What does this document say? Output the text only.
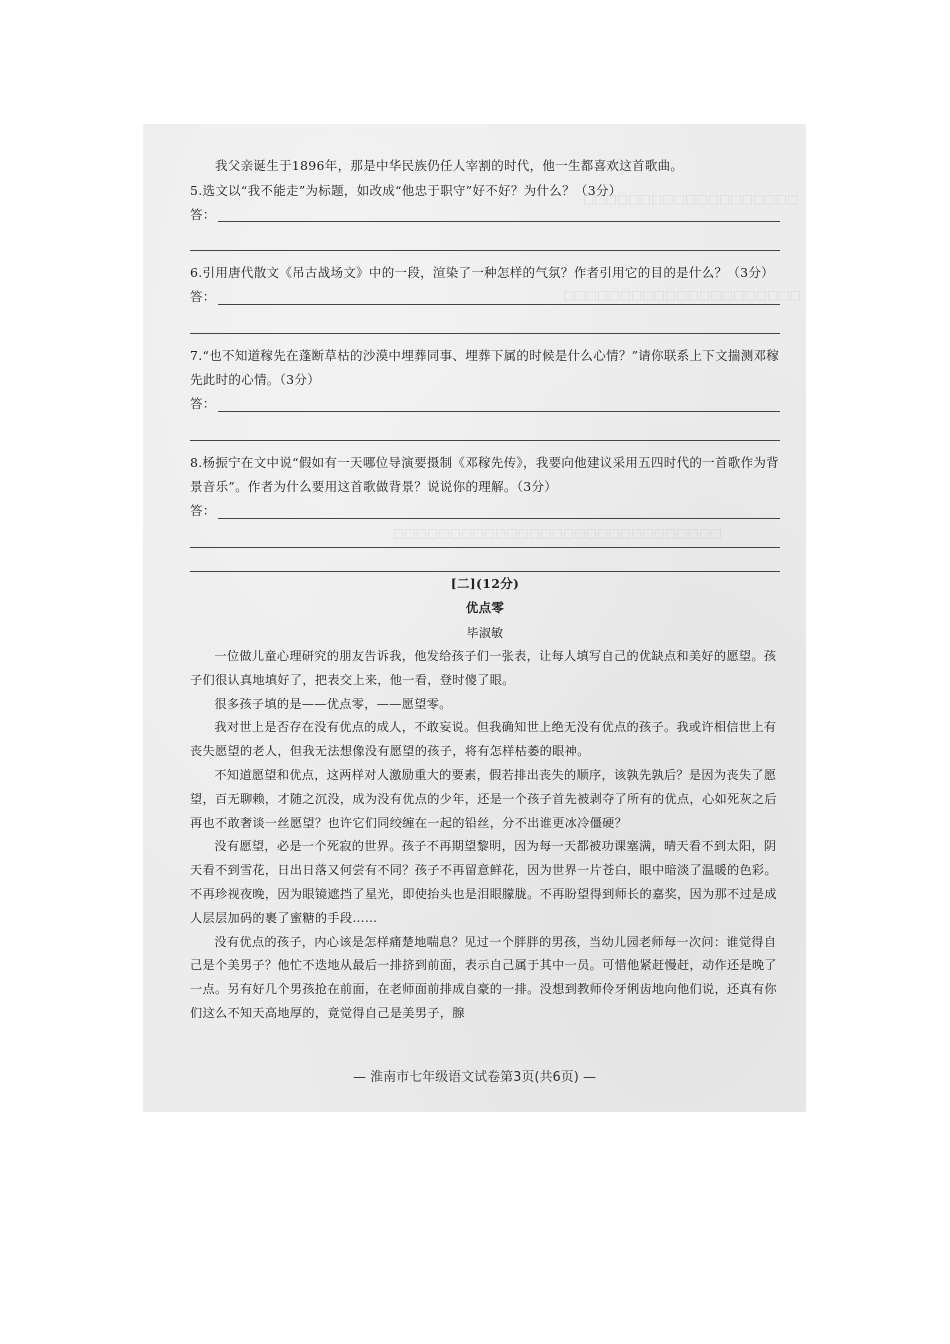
□□□□□□□□□□□□□□□□□□□
□□□□□□□□□□□□□□□□□□□□□
□□□□□□□□□□□□□□□□□□□□□□□□□□□□□

我父亲诞生于1896年，那是中华民族仍任人宰割的时代，他一生都喜欢这首歌曲。

5.选文以“我不能走”为标题，如改成“他忠于职守”好不好？为什么？（3分）

答：

6.引用唐代散文《吊古战场文》中的一段，渲染了一种怎样的气氛？作者引用它的目的是什么？（3分）

答：

7.“也不知道稼先在蓬断草枯的沙漠中埋葬同事、埋葬下属的时候是什么心情？”请你联系上下文揣测邓稼先此时的心情。（3分）

答：

8.杨振宁在文中说“假如有一天哪位导演要摄制《邓稼先传》，我要向他建议采用五四时代的一首歌作为背景音乐”。作者为什么要用这首歌做背景？说说你的理解。（3分）

答：

[二](12分)

优点零

毕淑敏

一位做儿童心理研究的朋友告诉我，他发给孩子们一张表，让每人填写自己的优缺点和美好的愿望。孩子们很认真地填好了，把表交上来，他一看，登时傻了眼。

很多孩子填的是——优点零，——愿望零。

我对世上是否存在没有优点的成人，不敢妄说。但我确知世上绝无没有优点的孩子。我或许相信世上有丧失愿望的老人，但我无法想像没有愿望的孩子，将有怎样枯萎的眼神。

不知道愿望和优点，这两样对人激励重大的要素，假若排出丧失的顺序，该孰先孰后？是因为丧失了愿望，百无聊赖，才随之沉没，成为没有优点的少年，还是一个孩子首先被剥夺了所有的优点，心如死灰之后再也不敢奢谈一丝愿望？也许它们同绞缠在一起的铅丝，分不出谁更冰冷僵硬？

没有愿望，必是一个死寂的世界。孩子不再期望黎明，因为每一天都被功课塞满，晴天看不到太阳，阴天看不到雪花，日出日落又何尝有不同？孩子不再留意鲜花，因为世界一片苍白，眼中暗淡了温暖的色彩。不再珍视夜晚，因为眼镜遮挡了星光，即使抬头也是泪眼朦胧。不再盼望得到师长的嘉奖，因为那不过是成人层层加码的裹了蜜糖的手段……

没有优点的孩子，内心该是怎样痛楚地喘息？见过一个胖胖的男孩，当幼儿园老师每一次问：谁觉得自己是个美男子？他忙不迭地从最后一排挤到前面，表示自己属于其中一员。可惜他紧赶慢赶，动作还是晚了一点。另有好几个男孩抢在前面，在老师面前排成自豪的一排。没想到教师伶牙俐齿地向他们说，还真有你们这么不知天高地厚的，竟觉得自己是美男子，腺

— 淮南市七年级语文试卷第3页(共6页) —
